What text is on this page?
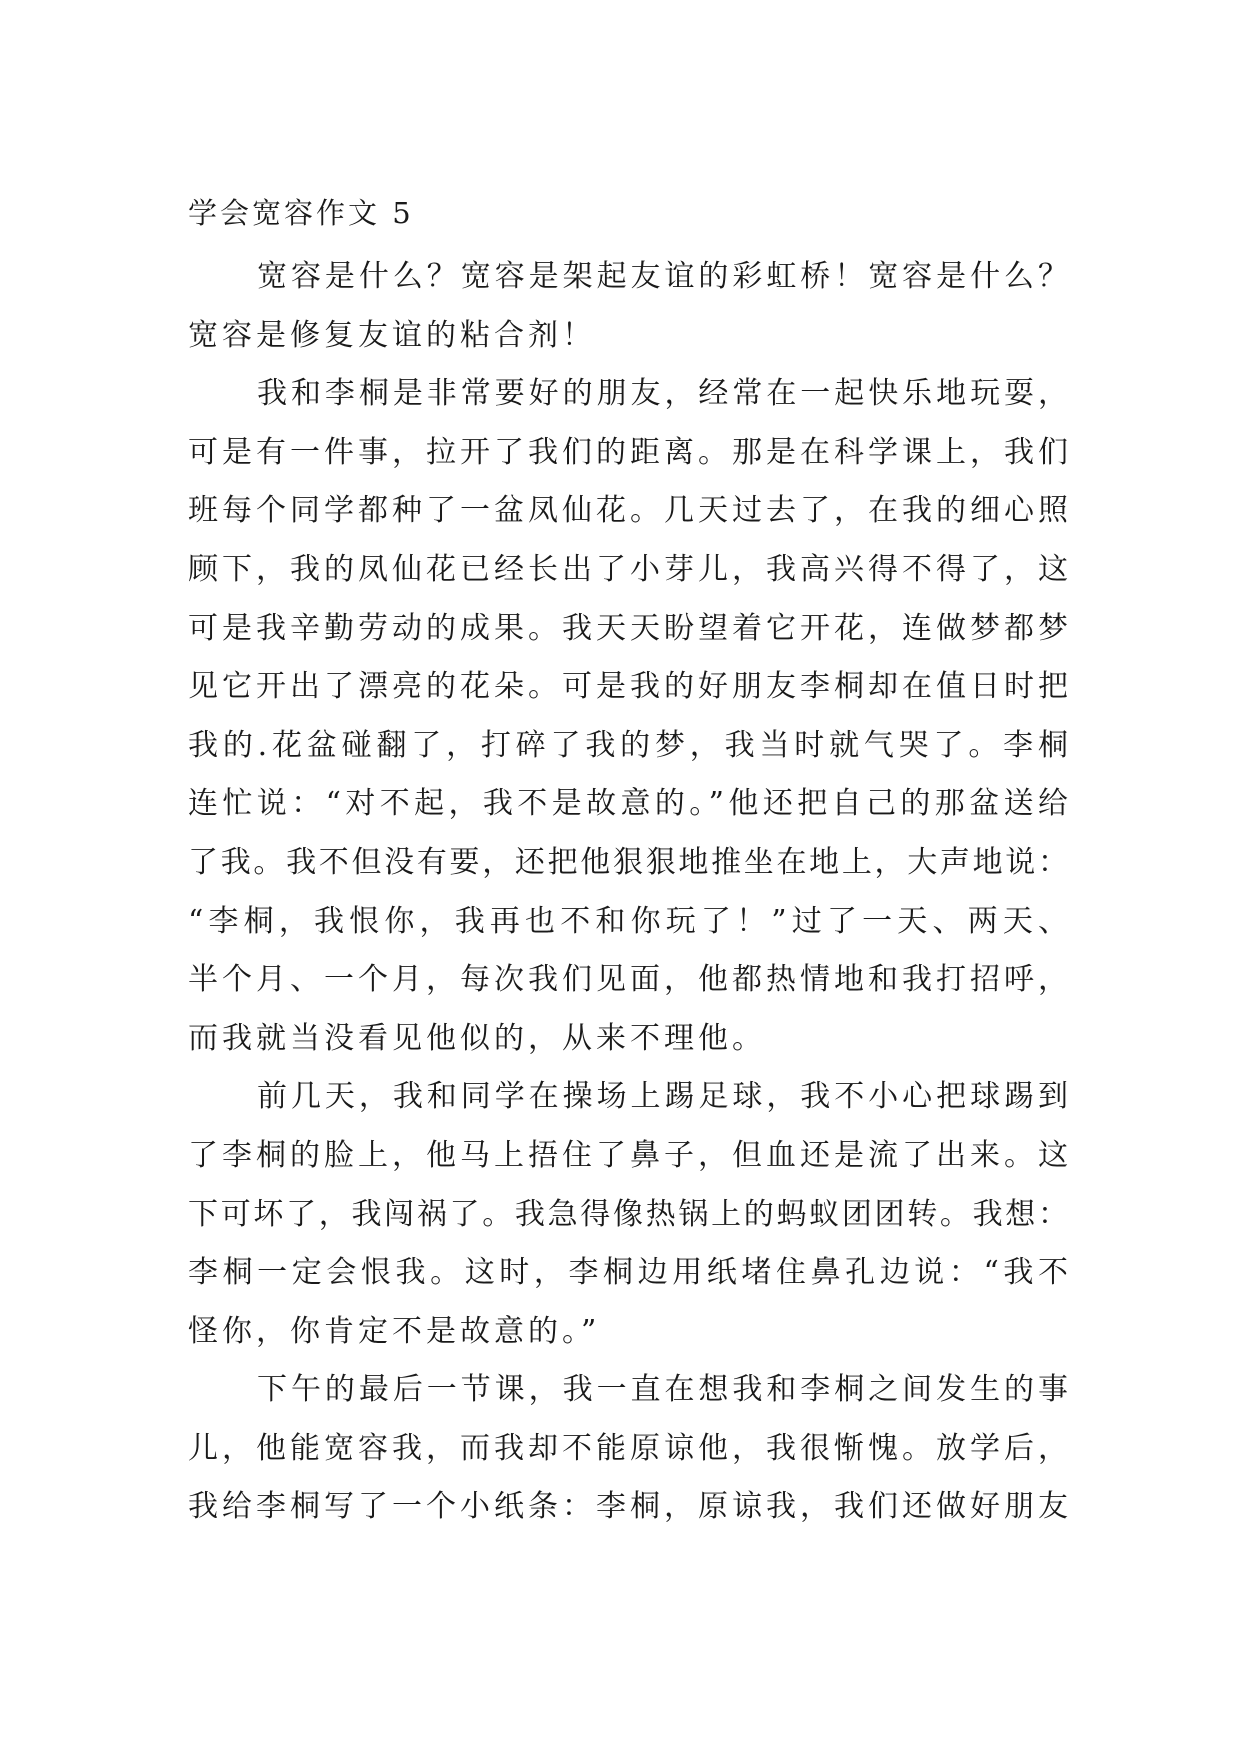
学会宽容作文 5
宽容是什么？宽容是架起友谊的彩虹桥！宽容是什么？
宽容是修复友谊的粘合剂！
我和李桐是非常要好的朋友，经常在一起快乐地玩耍，
可是有一件事，拉开了我们的距离。那是在科学课上，我们
班每个同学都种了一盆凤仙花。几天过去了，在我的细心照
顾下，我的凤仙花已经长出了小芽儿，我高兴得不得了，这
可是我辛勤劳动的成果。我天天盼望着它开花，连做梦都梦
见它开出了漂亮的花朵。可是我的好朋友李桐却在值日时把
我的.花盆碰翻了，打碎了我的梦，我当时就气哭了。李桐
连忙说：“对不起，我不是故意的。”他还把自己的那盆送给
了我。我不但没有要，还把他狠狠地推坐在地上，大声地说：
“李桐，我恨你，我再也不和你玩了！”过了一天、两天、
半个月、一个月，每次我们见面，他都热情地和我打招呼，
而我就当没看见他似的，从来不理他。
前几天，我和同学在操场上踢足球，我不小心把球踢到
了李桐的脸上，他马上捂住了鼻子，但血还是流了出来。这
下可坏了，我闯祸了。我急得像热锅上的蚂蚁团团转。我想：
李桐一定会恨我。这时，李桐边用纸堵住鼻孔边说：“我不
怪你，你肯定不是故意的。”
下午的最后一节课，我一直在想我和李桐之间发生的事
儿，他能宽容我，而我却不能原谅他，我很惭愧。放学后，
我给李桐写了一个小纸条：李桐，原谅我，我们还做好朋友
